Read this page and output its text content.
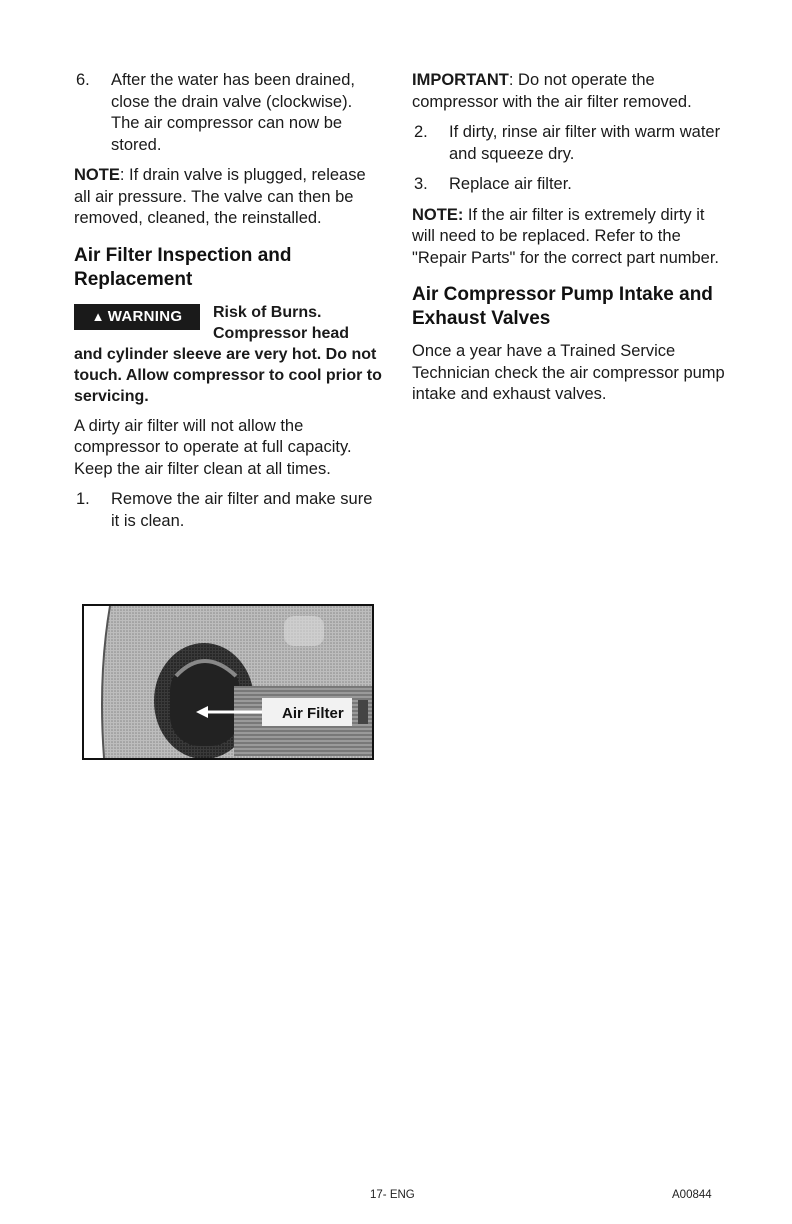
6. After the water has been drained, close the drain valve (clockwise). The air compressor can now be stored.

NOTE: If drain valve is plugged, release all air pressure. The valve can then be removed, cleaned, the reinstalled.

Air Filter Inspection and Replacement
▲ WARNING Risk of Burns.
Compressor head
and cylinder sleeve are very hot. Do not touch. Allow compressor to cool prior to servicing.

A dirty air filter will not allow the compressor to operate at full capacity. Keep the air filter clean at all times.

1. Remove the air filter and make sure it is clean.
Air Filter

IMPORTANT: Do not operate the compressor with the air filter removed.

2. If dirty, rinse air filter with warm water and squeeze dry.
3. Replace air filter.

NOTE: If the air filter is extremely dirty it will need to be replaced. Refer to the "Repair Parts" for the correct part number.

Air Compressor Pump Intake and Exhaust Valves

Once a year have a Trained Service Technician check the air compressor pump intake and exhaust valves.

17- ENG	A00844
